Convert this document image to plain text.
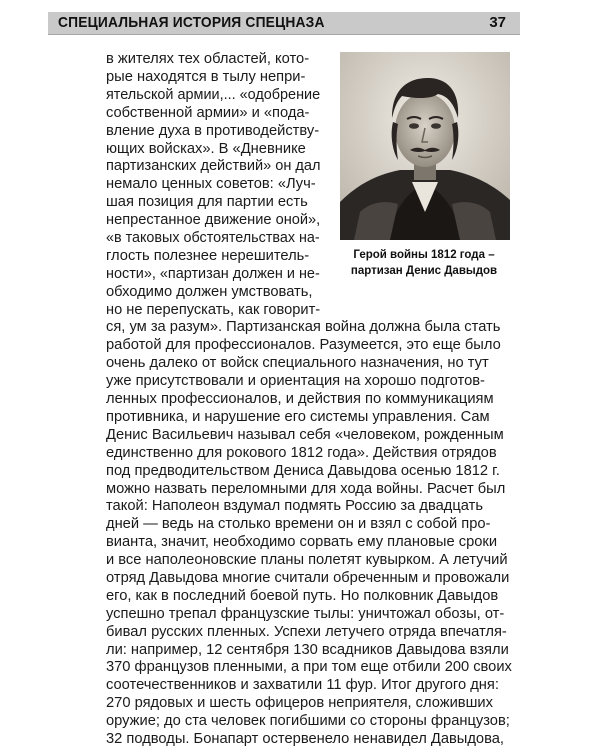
СПЕЦИАЛЬНАЯ ИСТОРИЯ СПЕЦНАЗА	37
Герой войны 1812 года –
партизан Денис Давыдов
в жителях тех областей, кото-
рые находятся в тылу непри-
ятельской армии,... «одобрение
собственной армии» и «пода-
вление духа в противодейству-
ющих войсках». В «Дневнике
партизанских действий» он дал
немало ценных советов: «Луч-
шая позиция для партии есть
непрестанное движение оной»,
«в таковых обстоятельствах на-
глость полезнее нерешитель-
ности», «партизан должен и не-
обходимо должен умствовать,
но не перепускать, как говорит-
ся, ум за разум». Партизанская война должна была стать
работой для профессионалов. Разумеется, это еще было
очень далеко от войск специального назначения, но тут
уже присутствовали и ориентация на хорошо подготов-
ленных профессионалов, и действия по коммуникациям
противника, и нарушение его системы управления. Сам
Денис Васильевич называл себя «человеком, рожденным
единственно для рокового 1812 года». Действия отрядов
под предводительством Дениса Давыдова осенью 1812 г.
можно назвать переломными для хода войны. Расчет был
такой: Наполеон вздумал подмять Россию за двадцать
дней — ведь на столько времени он и взял с собой про-
вианта, значит, необходимо сорвать ему плановые сроки
и все наполеоновские планы полетят кувырком. А летучий
отряд Давыдова многие считали обреченным и провожали
его, как в последний боевой путь. Но полковник Давыдов
успешно трепал французские тылы: уничтожал обозы, от-
бивал русских пленных. Успехи летучего отряда впечатля-
ли: например, 12 сентября 130 всадников Давыдова взяли
370 французов пленными, а при том еще отбили 200 своих
соотечественников и захватили 11 фур. Итог другого дня:
270 рядовых и шесть офицеров неприятеля, сложивших
оружие; до ста человек погибшими со стороны французов;
32 подводы. Бонапарт остервенело ненавидел Давыдова,
